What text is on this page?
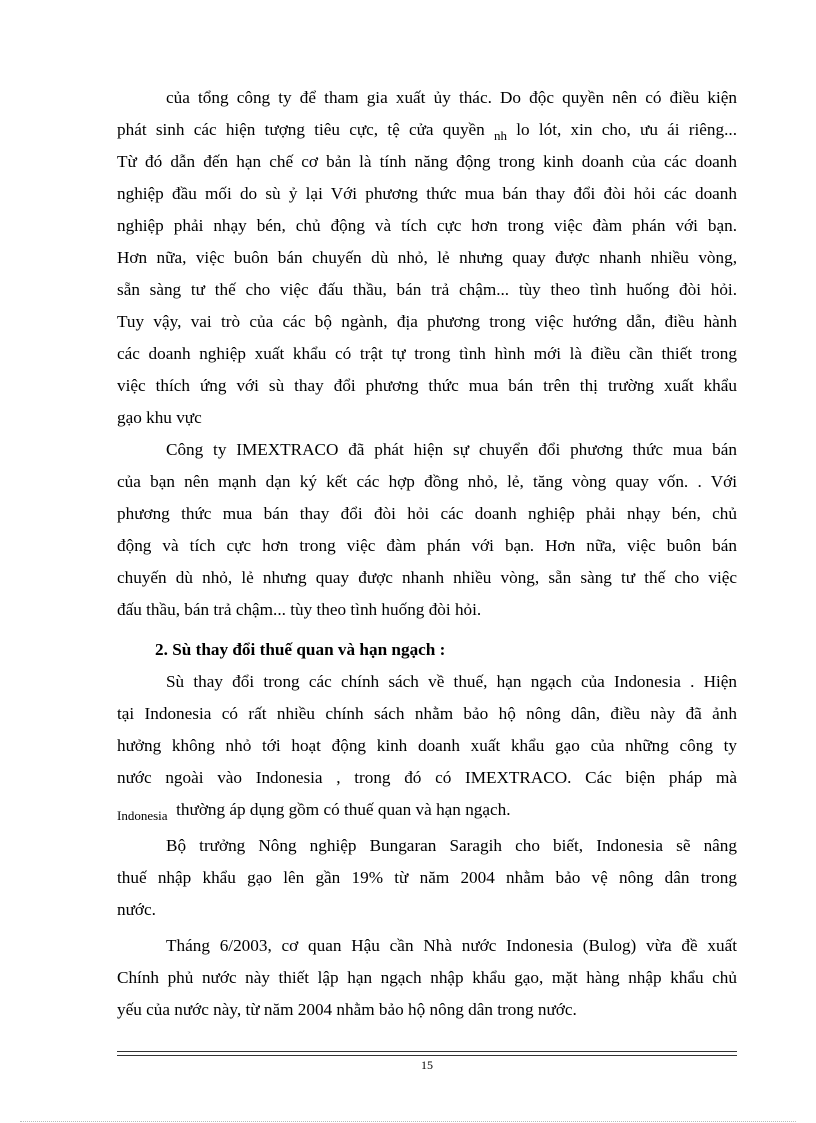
của tổng công ty để tham gia xuất ủy thác. Do độc quyền nên có điều kiện
phát sinh các hiện tượng tiêu cực, tệ cửa quyền $_{nh}$ lo lót, xin cho, ưu ái riêng...
Từ đó dẫn đến hạn chế cơ bản là tính năng động trong kinh doanh của các doanh
nghiệp đầu mối do sù ỷ lại Với phương thức mua bán thay đổi đòi hỏi các doanh
nghiệp phải nhạy bén, chủ động và tích cực hơn trong việc đàm phán với bạn.
Hơn nữa, việc buôn bán chuyến dù nhỏ, lẻ nhưng quay được nhanh nhiều vòng,
sẵn sàng tư thế cho việc đấu thầu, bán trả chậm... tùy theo tình huống đòi hỏi.
Tuy vậy, vai trò của các bộ ngành, địa phương trong việc hướng dẫn, điều hành
các doanh nghiệp xuất khẩu có trật tự trong tình hình mới là điều cần thiết trong
việc thích ứng với sù thay đổi phương thức mua bán trên thị trường xuất khẩu
gạo khu vực
Công ty IMEXTRACO đã phát hiện sự chuyển đổi phương thức mua bán
của bạn nên mạnh dạn ký kết các hợp đồng nhỏ, lẻ, tăng vòng quay vốn. . Với
phương thức mua bán thay đổi đòi hỏi các doanh nghiệp phải nhạy bén, chủ
động và tích cực hơn trong việc đàm phán với bạn. Hơn nữa, việc buôn bán
chuyến dù nhỏ, lẻ nhưng quay được nhanh nhiều vòng, sẵn sàng tư thế cho việc
đấu thầu, bán trả chậm... tùy theo tình huống đòi hỏi.
2. Sù thay đổi thuế quan và hạn ngạch :
Sù thay đổi trong các chính sách về thuế, hạn ngạch của Indonesia . Hiện
tại Indonesia có rất nhiều chính sách nhằm bảo hộ nông dân, điều này đã ảnh
hưởng không nhỏ tới hoạt động kinh doanh xuất khẩu gạo của những công ty
nước ngoài vào Indonesia , trong đó có IMEXTRACO. Các biện pháp mà
$_{Indonesia}$ thường áp dụng gồm có thuế quan và hạn ngạch.
Bộ trưởng Nông nghiệp Bungaran Saragih cho biết, Indonesia sẽ nâng
thuế nhập khẩu gạo lên gần 19% từ năm 2004 nhằm bảo vệ nông dân trong
nước.
Tháng 6/2003, cơ quan Hậu cần Nhà nước Indonesia (Bulog) vừa đề xuất
Chính phủ nước này thiết lập hạn ngạch nhập khẩu gạo, mặt hàng nhập khẩu chủ
yếu của nước này, từ năm 2004 nhằm bảo hộ nông dân trong nước.
15
